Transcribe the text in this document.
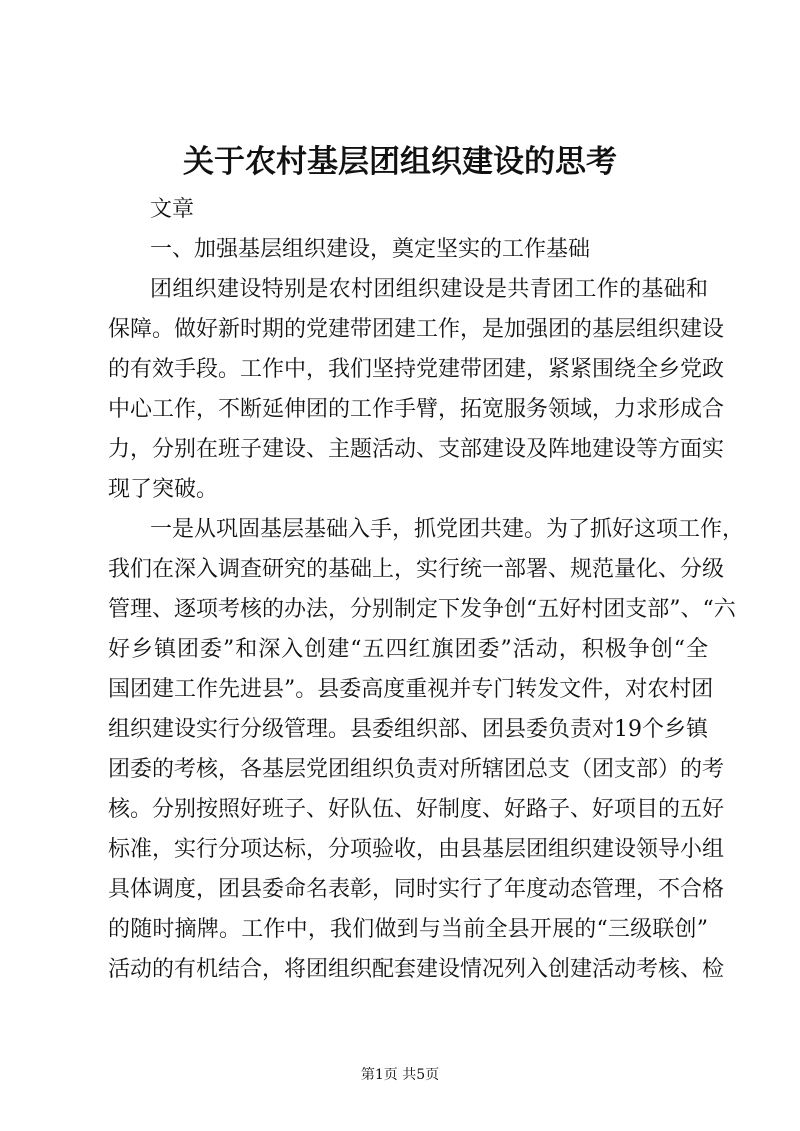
关于农村基层团组织建设的思考
文章
一、加强基层组织建设，奠定坚实的工作基础
团组织建设特别是农村团组织建设是共青团工作的基础和
保障。做好新时期的党建带团建工作，是加强团的基层组织建设
的有效手段。工作中，我们坚持党建带团建，紧紧围绕全乡党政
中心工作，不断延伸团的工作手臂，拓宽服务领域，力求形成合
力，分别在班子建设、主题活动、支部建设及阵地建设等方面实
现了突破。
一是从巩固基层基础入手，抓党团共建。为了抓好这项工作，
我们在深入调查研究的基础上，实行统一部署、规范量化、分级
管理、逐项考核的办法，分别制定下发争创“五好村团支部”、“六
好乡镇团委”和深入创建“五四红旗团委”活动，积极争创“全
国团建工作先进县”。县委高度重视并专门转发文件，对农村团
组织建设实行分级管理。县委组织部、团县委负责对19个乡镇
团委的考核，各基层党团组织负责对所辖团总支（团支部）的考
核。分别按照好班子、好队伍、好制度、好路子、好项目的五好
标准，实行分项达标，分项验收，由县基层团组织建设领导小组
具体调度，团县委命名表彰，同时实行了年度动态管理，不合格
的随时摘牌。工作中，我们做到与当前全县开展的“三级联创”
活动的有机结合，将团组织配套建设情况列入创建活动考核、检
第1页 共5页
